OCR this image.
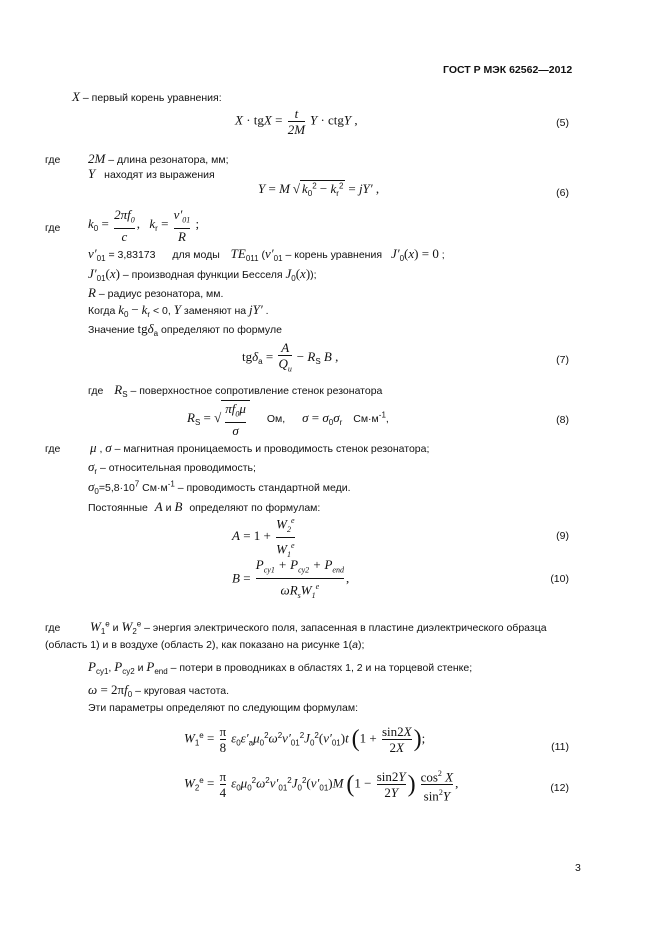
ГОСТ Р МЭК 62562—2012
X – первый корень уравнения:
X · tgX = $\frac{t}{2M}$ Y · ctgY ,	(5)
где 2M – длина резонатора, мм;
Y находят из выражения
Y = M √ $k_0^2 - k_r^2 = jY'$ ,	(6)
где $k_0 = \frac{2\pi f_0}{c}$ ,   $k_r = \frac{\nu'_{01}}{R}$ ;
$\nu'_{01} = 3,83173$ для моды $TE_{011}$ ($\nu'_{01}$ – корень уравнения $J'_0(x) = 0$ ;
$J'_{01}(x)$ – производная функции Бесселя $J_0(x)$);
R – радиус резонатора, мм.
Когда $k_0 - k_r < 0$, Y заменяют на jY′ .
Значение tgδ$_a$ определяют по формуле
$tg\delta_a = \frac{A}{Q_u} - R_S$ B ,	(7)
где $R_S$ – поверхностное сопротивление стенок резонатора
$R_S$ = √ $\frac{\pi f_0\mu}{\sigma}$ Ом, $\sigma = \sigma_0\sigma_r$ $См\cdot м^{-1}$,	(8)
где μ , σ – магнитная проницаемость и проводимость стенок резонатора;
$\sigma_r$ – относительная проводимость;
$\sigma_0=5,8\cdot 10^7$ $См\cdot м^{-1}$ – проводимость стандартной меди.
Постоянные A и B определяют по формулам:
$A = 1 + \frac{W_2^e}{W_1^e}$	(9)
$B = \frac{P_{cy1} + P_{cy2} + P_{end}}{\omega R_sW_1^e}$ ,	(10)
где $W_1^e$ и $W_2^e$ – энергия электрического поля, запасенная в пластине диэлектрического образца
(область 1) и в воздухе (область 2), как показано на рисунке 1(а);
$P_{cy1}$, $P_{cy2}$ и $P_{end}$ – потери в проводниках в областях 1, 2 и на торцевой стенке;
$\omega = 2\pi f_0$ – круговая частота.
Эти параметры определяют по следующим формулам:
$W_1^e = \frac{\pi}{8} \varepsilon_0\varepsilon'_a\mu_0^2\omega^2\nu'_{01}^2J_0^2(\nu'_{01})t$ ($1 + \frac{\sin 2X}{2X}$ );
(11)
$W_2^e = \frac{\pi}{4} \varepsilon_0\mu_0^2\omega^2\nu'_{01}^2J_0^2(\nu'_{01})M$ ($1 - \frac{\sin 2Y}{2Y}$ ) $\frac{\cos^2 X}{\sin^2Y}$ ,	(12)
3
